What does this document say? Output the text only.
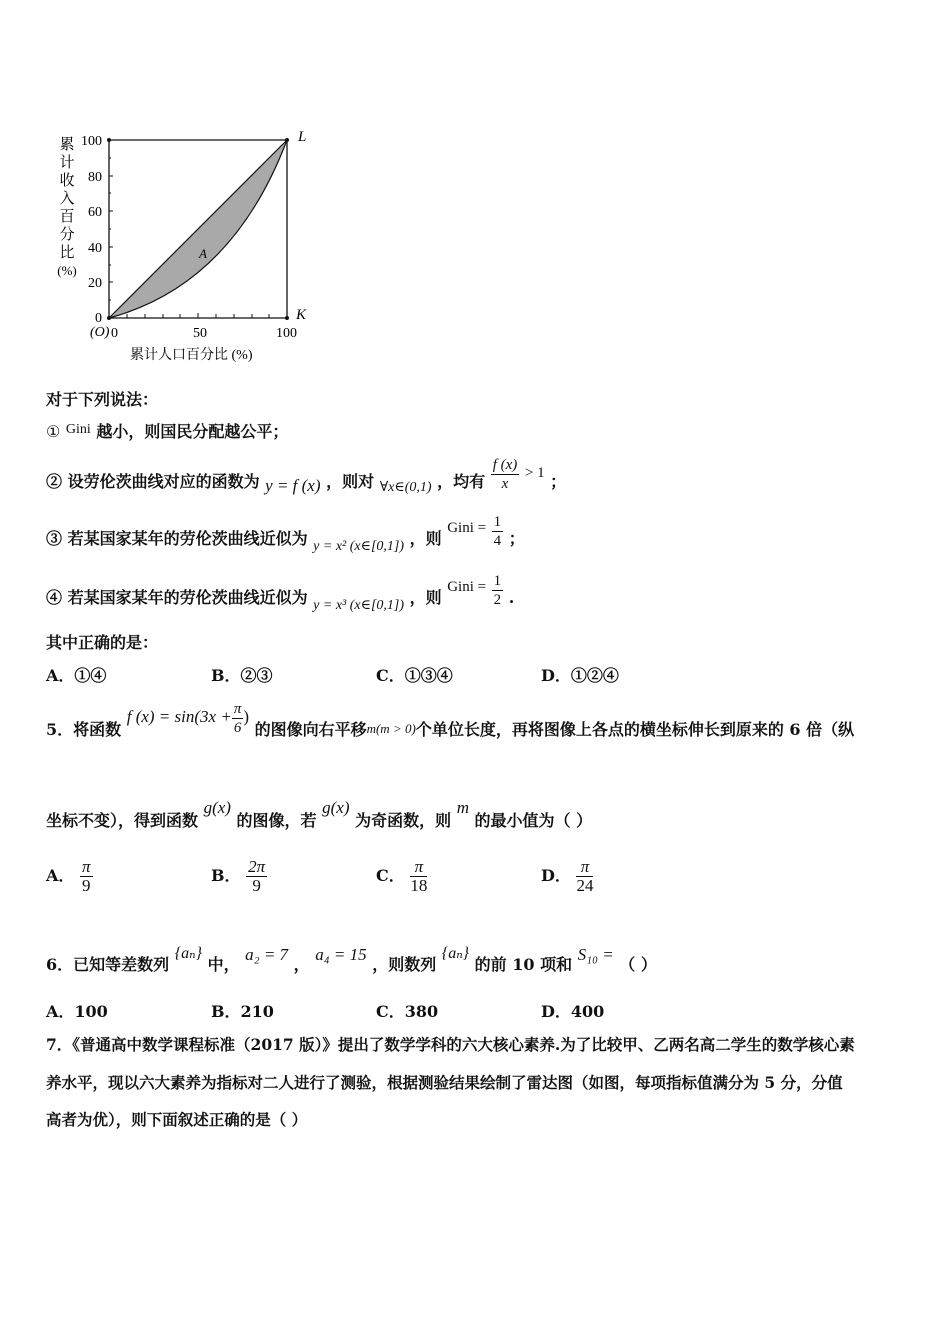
累
计
收
入
百
分
比
(%)
100
80
60
40
20
0
L
K
A
(O) 0	50	100
累计人口百分比 (%)
对于下列说法：
① Gini 越小，则国民分配越公平；
② 设劳伦茨曲线对应的函数为 y = f (x) ，则对 ∀x∈(0,1) ，均有 $\frac{f (x)}{x} > 1$ ；
③ 若某国家某年的劳伦茨曲线近似为 y = x² (x∈[0,1]) ，则 Gini = $\frac{1}{4}$ ；
④ 若某国家某年的劳伦茨曲线近似为 y = x³ (x∈[0,1]) ，则 Gini = $\frac{1}{2}$ .
其中正确的是：
A．①④	B．②③	C．①③④	D．①②④
5．将函数 f $(x) = \sin(3x + \frac{\pi}{6}$ ) 的图像向右平移$_{m(m > 0)}$个单位长度，再将图像上各点的横坐标伸长到原来的 6 倍（纵
坐标不变），得到函数 g(x) 的图像，若 g(x) 为奇函数，则 m 的最小值为（ ）
A． $\frac{\pi}{9}$	B． $\frac{2\pi}{9}$	C． $\frac{\pi}{18}$	D． $\frac{\pi}{24}$
6．已知等差数列 {aₙ} 中， a₂ = 7 ， a₄ = 15 ，则数列 {aₙ} 的前 10 项和 S₁₀ = （ ）
A．100	B．210	C．380	D．400
7．《普通高中数学课程标准（2017 版）》提出了数学学科的六大核心素养.为了比较甲、乙两名高二学生的数学核心素
养水平，现以六大素养为指标对二人进行了测验，根据测验结果绘制了雷达图（如图，每项指标值满分为 5 分，分值
高者为优），则下面叙述正确的是（ ）
